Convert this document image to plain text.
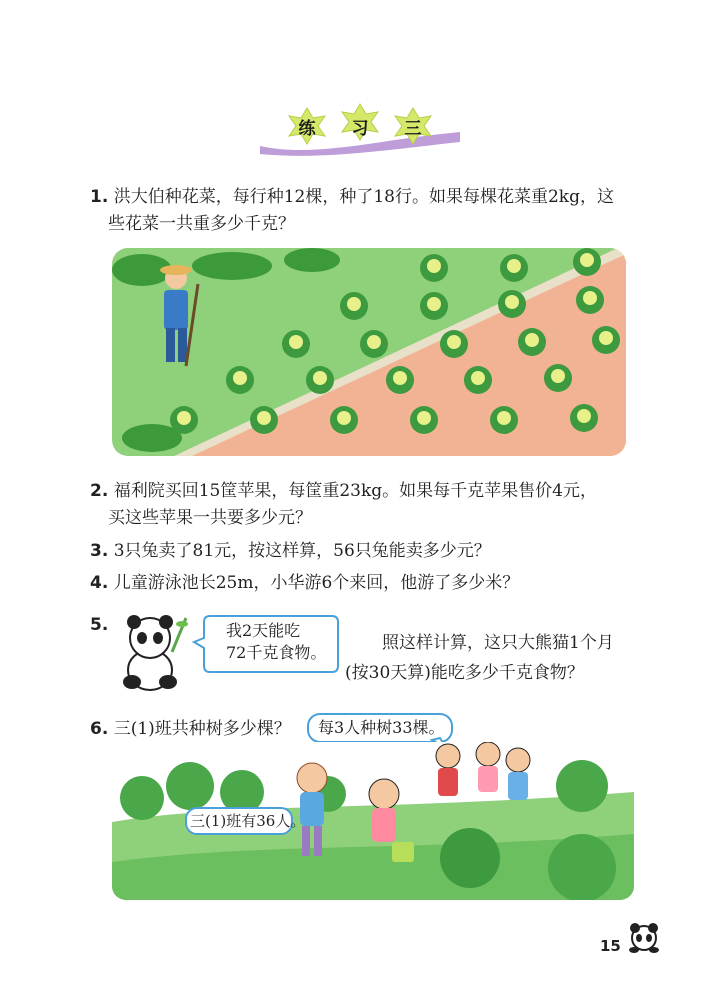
练	习	三
1. 洪大伯种花菜，每行种12棵，种了18行。如果每棵花菜重2kg，这
些花菜一共重多少千克？
2. 福利院买回15筐苹果，每筐重23kg。如果每千克苹果售价4元，
买这些苹果一共要多少元？
3. 3只兔卖了81元，按这样算，56只兔能卖多少元？
4. 儿童游泳池长25m，小华游6个来回，他游了多少米？
5.	我2天能吃
72千克食物。	照这样计算，这只大熊猫1个月
(按30天算)能吃多少千克食物？
6. 三(1)班共种树多少棵？ 每3人种树33棵。
三(1)班有36人。
15
